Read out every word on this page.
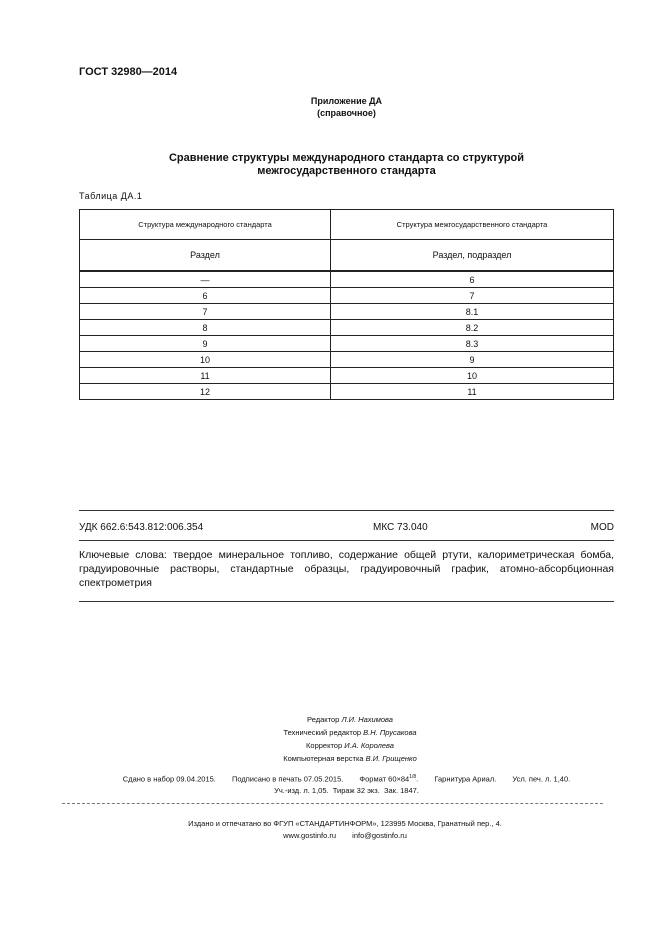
ГОСТ 32980—2014
Приложение ДА
(справочное)
Сравнение структуры международного стандарта со структурой
межгосударственного стандарта
Таблица ДА.1
Структура международного стандарта	Структура межгосударственного стандарта
Раздел	Раздел, подраздел
—	6
6	7
7	8.1
8	8.2
9	8.3
10	9
11	10
12	11
УДК 662.6:543.812:006.354	МКС 73.040	MOD
Ключевые слова: твердое минеральное топливо, содержание общей ртути, калориметрическая бомба, градуировочные растворы, стандартные образцы, градуировочный график, атомно-абсорбционная спектрометрия
Редактор Л.И. Нахимова
Технический редактор В.Н. Прусакова
Корректор И.А. Королева
Компьютерная верстка В.И. Грищенко
Сдано в набор 09.04.2015. Подписано в печать 07.05.2015. Формат $60\times 84^{1/8}$. Гарнитура Ариал. Усл. печ. л. 1,40.
Уч.-изд. л. 1,05. Тираж 32 экз. Зак. 1847.
Издано и отпечатано во ФГУП «СТАНДАРТИНФОРМ», 123995 Москва, Гранатный пер., 4.
www.gostinfo.ru info@gostinfo.ru
